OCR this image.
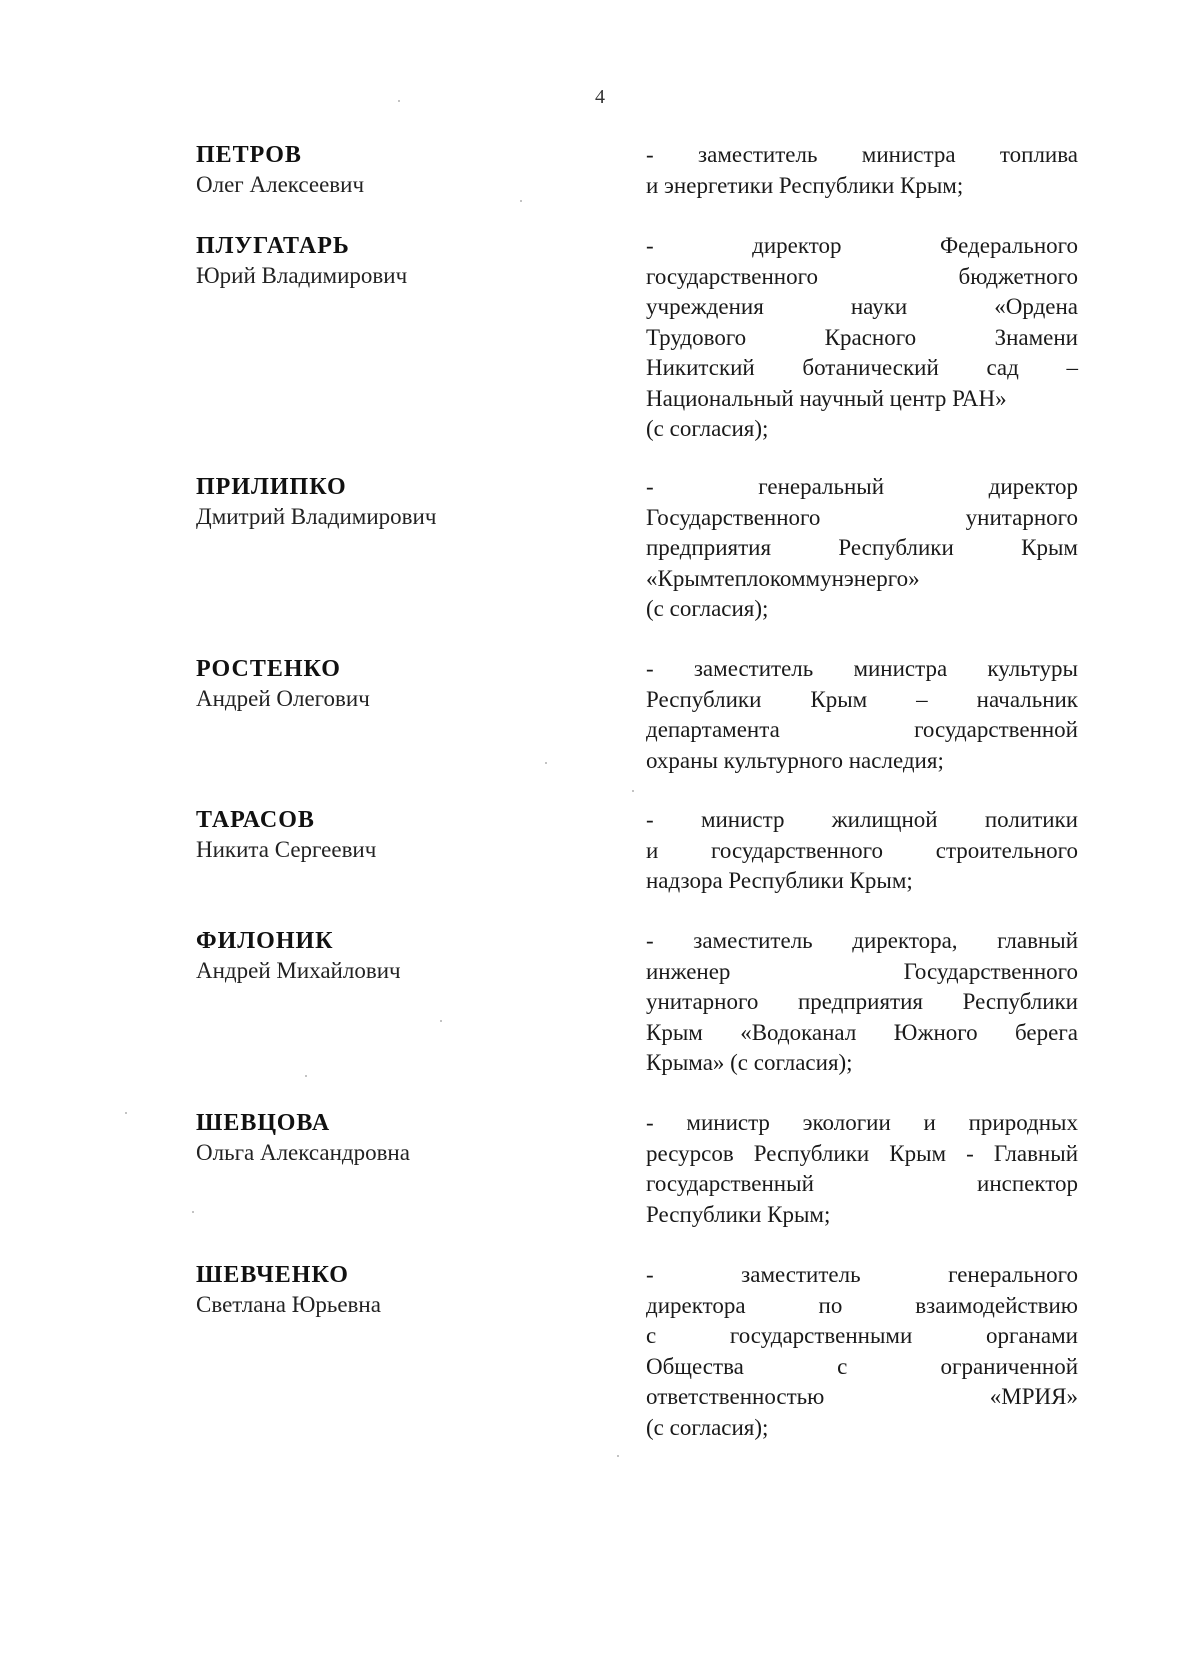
4
ПЕТРОВ
Олег Алексеевич
- заместитель министра топлива
и энергетики Республики Крым;
ПЛУГАТАРЬ
Юрий Владимирович
- директор Федерального
государственного бюджетного
учреждения науки «Ордена
Трудового Красного Знамени
Никитский ботанический сад –
Национальный научный центр РАН»
(с согласия);
ПРИЛИПКО
Дмитрий Владимирович
- генеральный директор
Государственного унитарного
предприятия Республики Крым
«Крымтеплокоммунэнерго»
(с согласия);
РОСТЕНКО
Андрей Олегович
- заместитель министра культуры
Республики Крым – начальник
департамента государственной
охраны культурного наследия;
ТАРАСОВ
Никита Сергеевич
- министр жилищной политики
и государственного строительного
надзора Республики Крым;
ФИЛОНИК
Андрей Михайлович
- заместитель директора, главный
инженер Государственного
унитарного предприятия Республики
Крым «Водоканал Южного берега
Крыма» (с согласия);
ШЕВЦОВА
Ольга Александровна
- министр экологии и природных
ресурсов Республики Крым - Главный
государственный инспектор
Республики Крым;
ШЕВЧЕНКО
Светлана Юрьевна
- заместитель генерального
директора по взаимодействию
с государственными органами
Общества с ограниченной
ответственностью «МРИЯ»
(с согласия);
